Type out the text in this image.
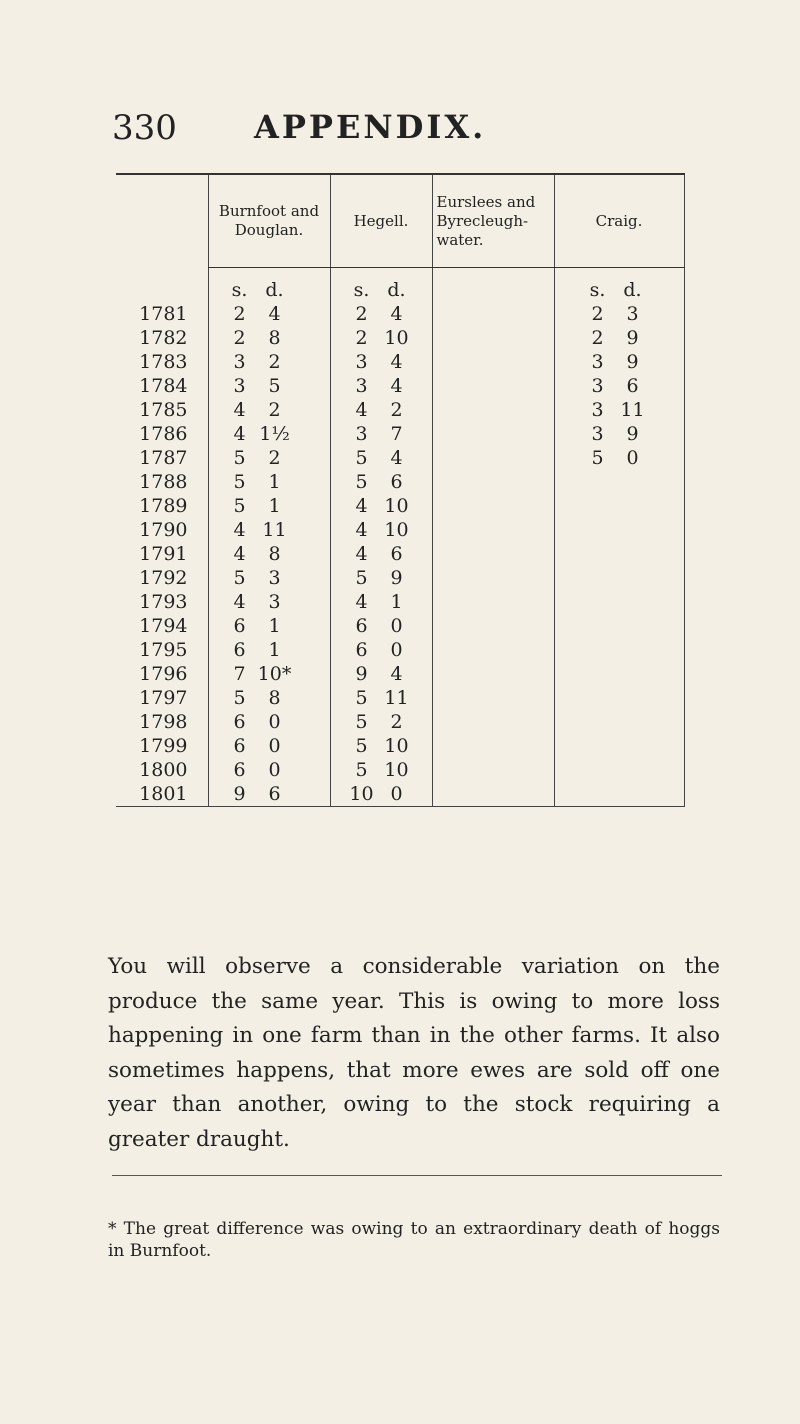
330 APPENDIX.
	Burnfoot and Douglan.	Hegell.	Eurslees and Byrecleugh-water.	Craig.

	s. d.	s. d.		s. d.

1781	2 4	2 4		2 3

1782	2 8	2 10		2 9

1783	3 2	3 4		3 9

1784	3 5	3 4		3 6

1785	4 2	4 2		3 11

1786	4 1½	3 7		3 9

1787	5 2	5 4		5 0

1788	5 1	5 6		

1789	5 1	4 10		

1790	4 11	4 10		

1791	4 8	4 6		

1792	5 3	5 9		

1793	4 3	4 1		

1794	6 1	6 0		

1795	6 1	6 0		

1796	7 10*	9 4		

1797	5 8	5 11		

1798	6 0	5 2		

1799	6 0	5 10		

1800	6 0	5 10		

1801	9 6	10 0		

You will observe a considerable variation on the produce the same year. This is owing to more loss happening in one farm than in the other farms. It also sometimes happens, that more ewes are sold off one year than another, owing to the stock requiring a greater draught.

* The great difference was owing to an extraordinary death of hoggs in Burnfoot.
